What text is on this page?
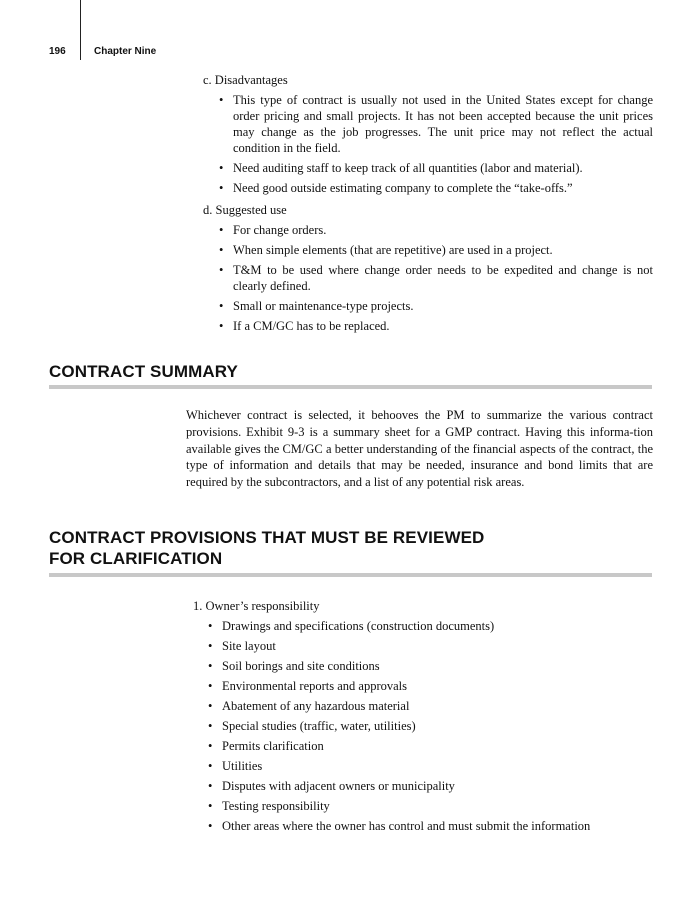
196	Chapter Nine
c. Disadvantages
• This type of contract is usually not used in the United States except for change order pricing and small projects. It has not been accepted because the unit prices may change as the job progresses. The unit price may not reflect the actual condition in the field.
• Need auditing staff to keep track of all quantities (labor and material).
• Need good outside estimating company to complete the “take-offs.”
d. Suggested use
• For change orders.
• When simple elements (that are repetitive) are used in a project.
• T&M to be used where change order needs to be expedited and change is not clearly defined.
• Small or maintenance-type projects.
• If a CM/GC has to be replaced.
CONTRACT SUMMARY

Whichever contract is selected, it behooves the PM to summarize the various contract provisions. Exhibit 9-3 is a summary sheet for a GMP contract. Having this informa-tion available gives the CM/GC a better understanding of the financial aspects of the contract, the type of information and details that may be needed, insurance and bond limits that are required by the subcontractors, and a list of any potential risk areas.

CONTRACT PROVISIONS THAT MUST BE REVIEWED
FOR CLARIFICATION
1. Owner’s responsibility
• Drawings and specifications (construction documents)
• Site layout
• Soil borings and site conditions
• Environmental reports and approvals
• Abatement of any hazardous material
• Special studies (traffic, water, utilities)
• Permits clarification
• Utilities
• Disputes with adjacent owners or municipality
• Testing responsibility
• Other areas where the owner has control and must submit the information
